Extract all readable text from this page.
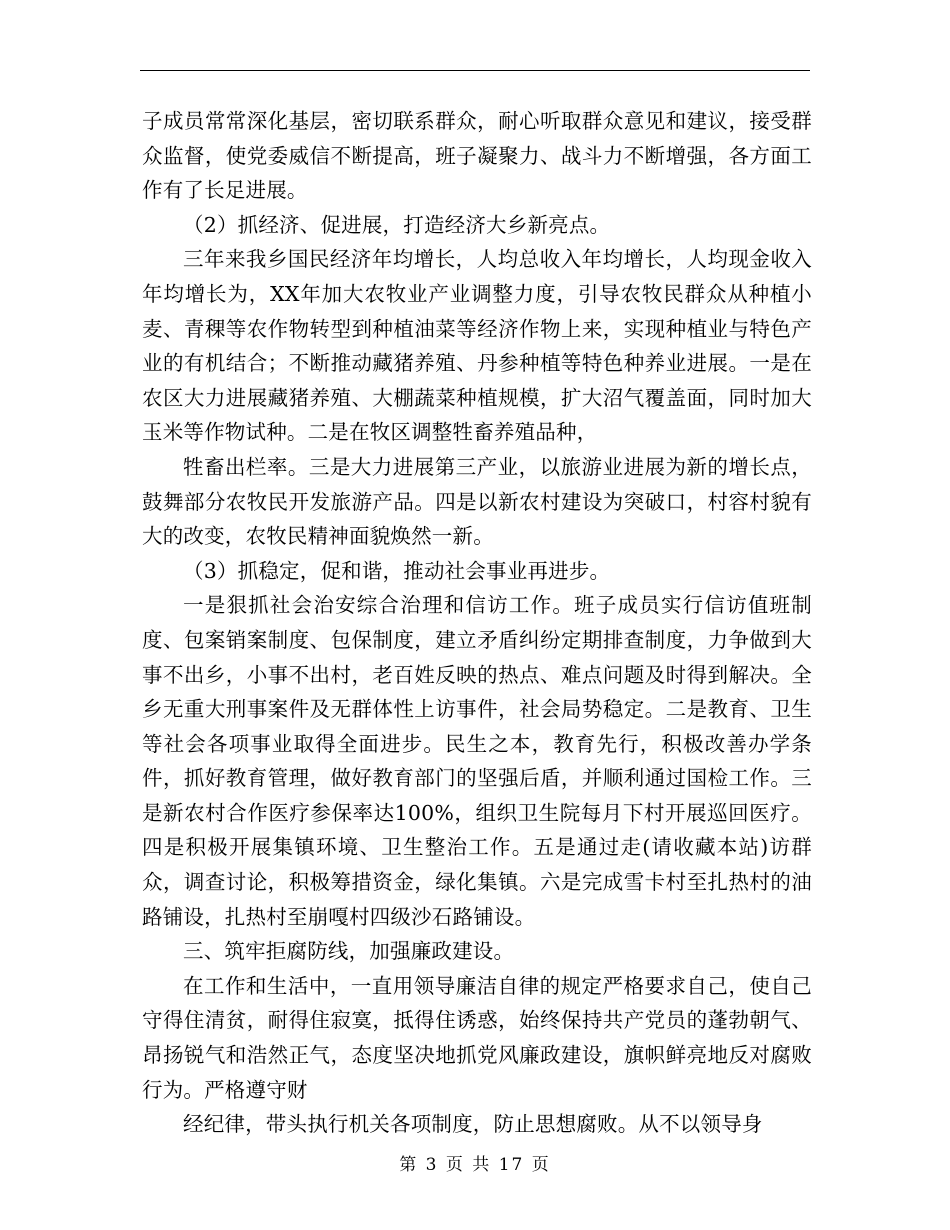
子成员常常深化基层，密切联系群众，耐心听取群众意见和建议，接受群众监督，使党委威信不断提高，班子凝聚力、战斗力不断增强，各方面工作有了长足进展。

（2）抓经济、促进展，打造经济大乡新亮点。

三年来我乡国民经济年均增长，人均总收入年均增长，人均现金收入年均增长为，XX年加大农牧业产业调整力度，引导农牧民群众从种植小麦、青稞等农作物转型到种植油菜等经济作物上来，实现种植业与特色产业的有机结合；不断推动藏猪养殖、丹参种植等特色种养业进展。一是在农区大力进展藏猪养殖、大棚蔬菜种植规模，扩大沼气覆盖面，同时加大玉米等作物试种。二是在牧区调整牲畜养殖品种，

牲畜出栏率。三是大力进展第三产业，以旅游业进展为新的增长点，鼓舞部分农牧民开发旅游产品。四是以新农村建设为突破口，村容村貌有大的改变，农牧民精神面貌焕然一新。

（3）抓稳定，促和谐，推动社会事业再进步。

一是狠抓社会治安综合治理和信访工作。班子成员实行信访值班制度、包案销案制度、包保制度，建立矛盾纠纷定期排查制度，力争做到大事不出乡，小事不出村，老百姓反映的热点、难点问题及时得到解决。全乡无重大刑事案件及无群体性上访事件，社会局势稳定。二是教育、卫生等社会各项事业取得全面进步。民生之本，教育先行，积极改善办学条件，抓好教育管理，做好教育部门的坚强后盾，并顺利通过国检工作。三是新农村合作医疗参保率达100%，组织卫生院每月下村开展巡回医疗。四是积极开展集镇环境、卫生整治工作。五是通过走(请收藏本站)访群众，调查讨论，积极筹措资金，绿化集镇。六是完成雪卡村至扎热村的油路铺设，扎热村至崩嘎村四级沙石路铺设。

三、筑牢拒腐防线，加强廉政建设。

在工作和生活中，一直用领导廉洁自律的规定严格要求自己，使自己守得住清贫，耐得住寂寞，抵得住诱惑，始终保持共产党员的蓬勃朝气、昂扬锐气和浩然正气，态度坚决地抓党风廉政建设，旗帜鲜亮地反对腐败行为。严格遵守财

经纪律，带头执行机关各项制度，防止思想腐败。从不以领导身

第 3 页 共 17 页
